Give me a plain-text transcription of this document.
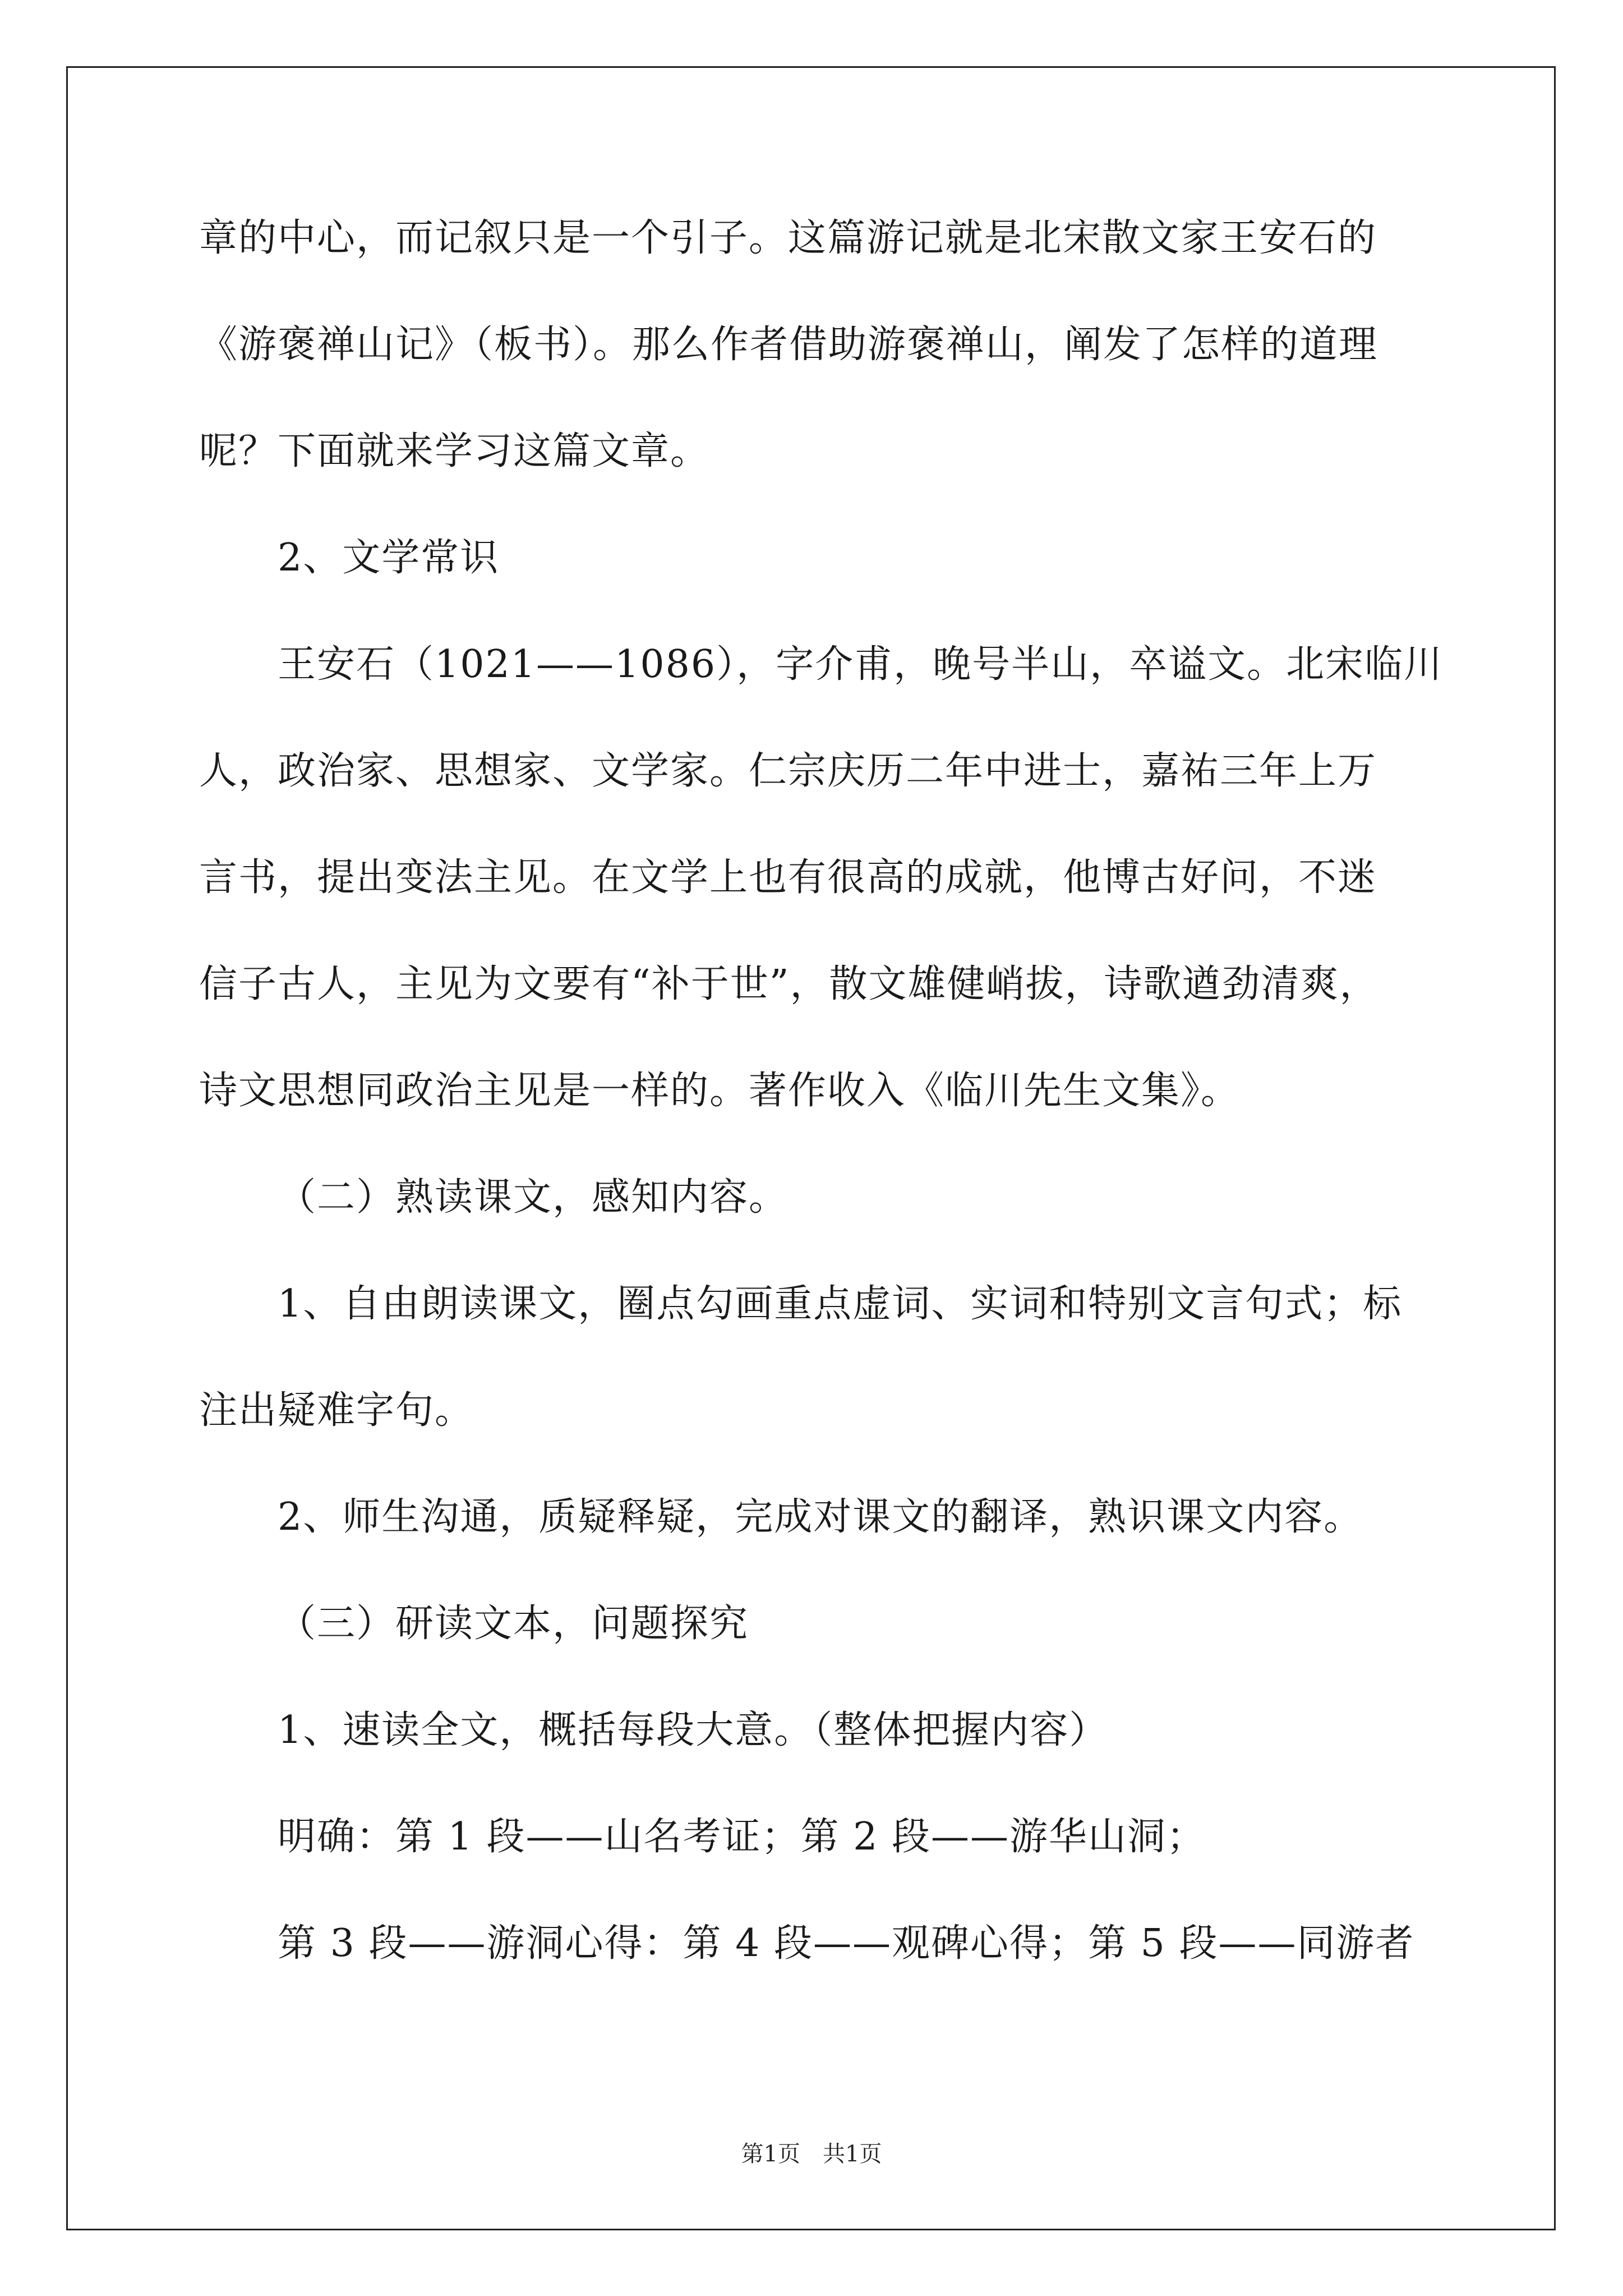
章的中心，而记叙只是一个引子。这篇游记就是北宋散文家王安石的
《游褒禅山记》（板书）。那么作者借助游褒禅山，阐发了怎样的道理
呢？下面就来学习这篇文章。
2、文学常识
王安石（1021——1086），字介甫，晚号半山，卒谥文。北宋临川
人，政治家、思想家、文学家。仁宗庆历二年中进士，嘉祐三年上万
言书，提出变法主见。在文学上也有很高的成就，他博古好问，不迷
信子古人，主见为文要有“补于世”，散文雄健峭拔，诗歌遒劲清爽，
诗文思想同政治主见是一样的。著作收入《临川先生文集》。
（二）熟读课文，感知内容。
1、自由朗读课文，圈点勾画重点虚词、实词和特别文言句式；标
注出疑难字句。
2、师生沟通，质疑释疑，完成对课文的翻译，熟识课文内容。
（三）研读文本，问题探究
1、速读全文，概括每段大意。（整体把握内容）
明确：第 1 段——山名考证；第 2 段——游华山洞；
第 3 段——游洞心得：第 4 段——观碑心得；第 5 段——同游者
第1页　共1页
